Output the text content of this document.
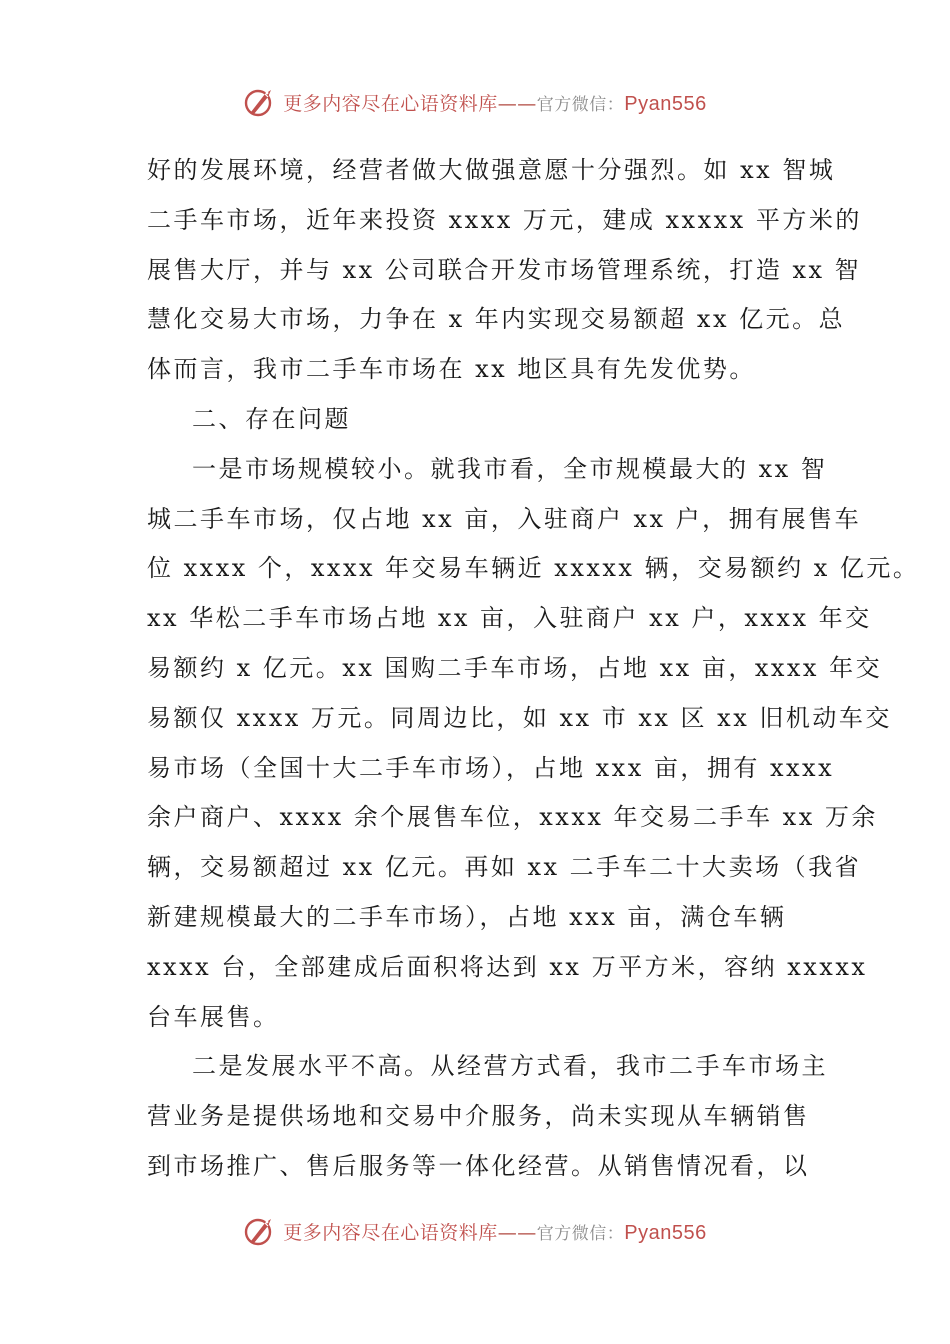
更多内容尽在心语资料库——官方微信：Pyan556
好的发展环境，经营者做大做强意愿十分强烈。如 xx 智城
二手车市场，近年来投资 xxxx 万元，建成 xxxxx 平方米的
展售大厅，并与 xx 公司联合开发市场管理系统，打造 xx 智
慧化交易大市场，力争在 x 年内实现交易额超 xx 亿元。总
体而言，我市二手车市场在 xx 地区具有先发优势。
二、存在问题
一是市场规模较小。就我市看，全市规模最大的 xx 智
城二手车市场，仅占地 xx 亩，入驻商户 xx 户，拥有展售车
位 xxxx 个，xxxx 年交易车辆近 xxxxx 辆，交易额约 x 亿元。
xx 华松二手车市场占地 xx 亩，入驻商户 xx 户，xxxx 年交
易额约 x 亿元。xx 国购二手车市场，占地 xx 亩，xxxx 年交
易额仅 xxxx 万元。同周边比，如 xx 市 xx 区 xx 旧机动车交
易市场（全国十大二手车市场），占地 xxx 亩，拥有 xxxx
余户商户、xxxx 余个展售车位，xxxx 年交易二手车 xx 万余
辆，交易额超过 xx 亿元。再如 xx 二手车二十大卖场（我省
新建规模最大的二手车市场），占地 xxx 亩，满仓车辆
xxxx 台，全部建成后面积将达到 xx 万平方米，容纳 xxxxx
台车展售。
二是发展水平不高。从经营方式看，我市二手车市场主
营业务是提供场地和交易中介服务，尚未实现从车辆销售
到市场推广、售后服务等一体化经营。从销售情况看，以
更多内容尽在心语资料库——官方微信：Pyan556
